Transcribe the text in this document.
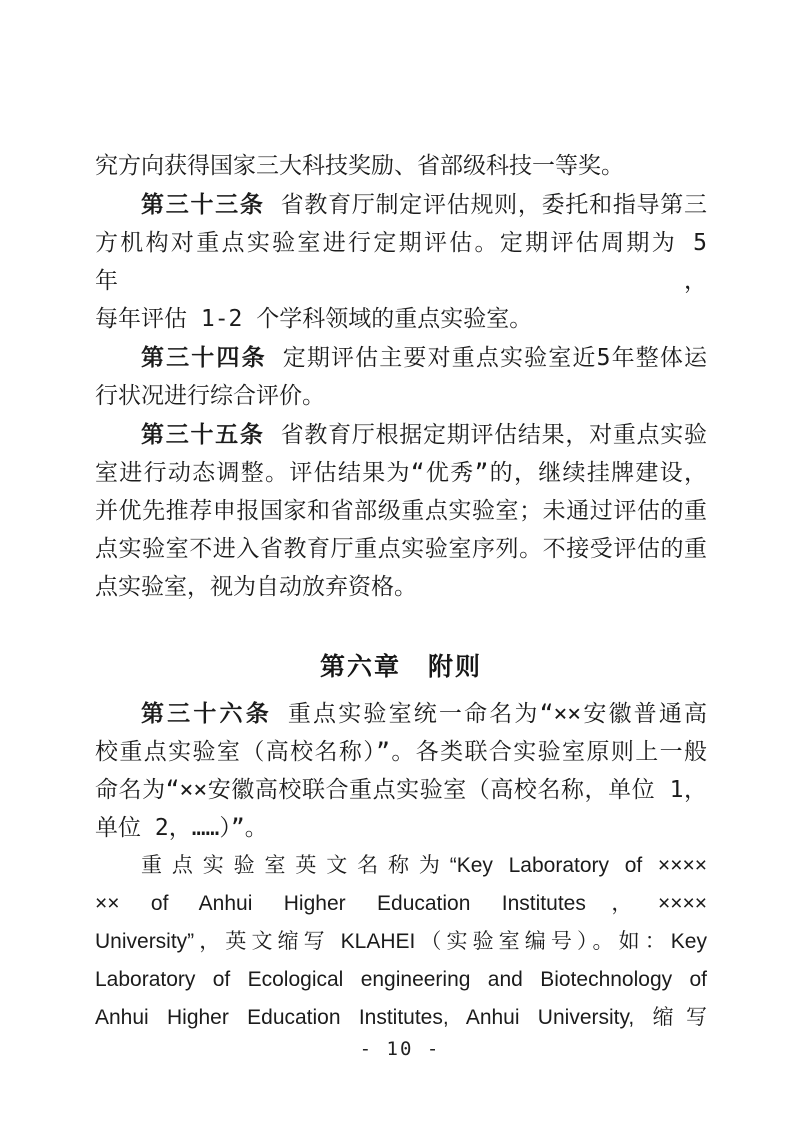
究方向获得国家三大科技奖励、省部级科技一等奖。
第三十三条 省教育厅制定评估规则，委托和指导第三
方机构对重点实验室进行定期评估。定期评估周期为 5 年，
每年评估 1-2 个学科领域的重点实验室。
第三十四条 定期评估主要对重点实验室近5年整体运
行状况进行综合评价。
第三十五条 省教育厅根据定期评估结果，对重点实验
室进行动态调整。评估结果为“优秀”的，继续挂牌建设，
并优先推荐申报国家和省部级重点实验室；未通过评估的重
点实验室不进入省教育厅重点实验室序列。不接受评估的重
点实验室，视为自动放弃资格。
第六章　附则
第三十六条 重点实验室统一命名为“××安徽普通高
校重点实验室（高校名称）”。各类联合实验室原则上一般
命名为“××安徽高校联合重点实验室（高校名称，单位 1，
单位 2，……）”。
重点实验室英文名称为“Key Laboratory of ××××
×× of Anhui Higher Education Institutes，××××
University”，英文缩写 KLAHEI（实验室编号）。如：Key
Laboratory of Ecological engineering and Biotechnology of
Anhui Higher Education Institutes, Anhui University, 缩写
- 10 -
